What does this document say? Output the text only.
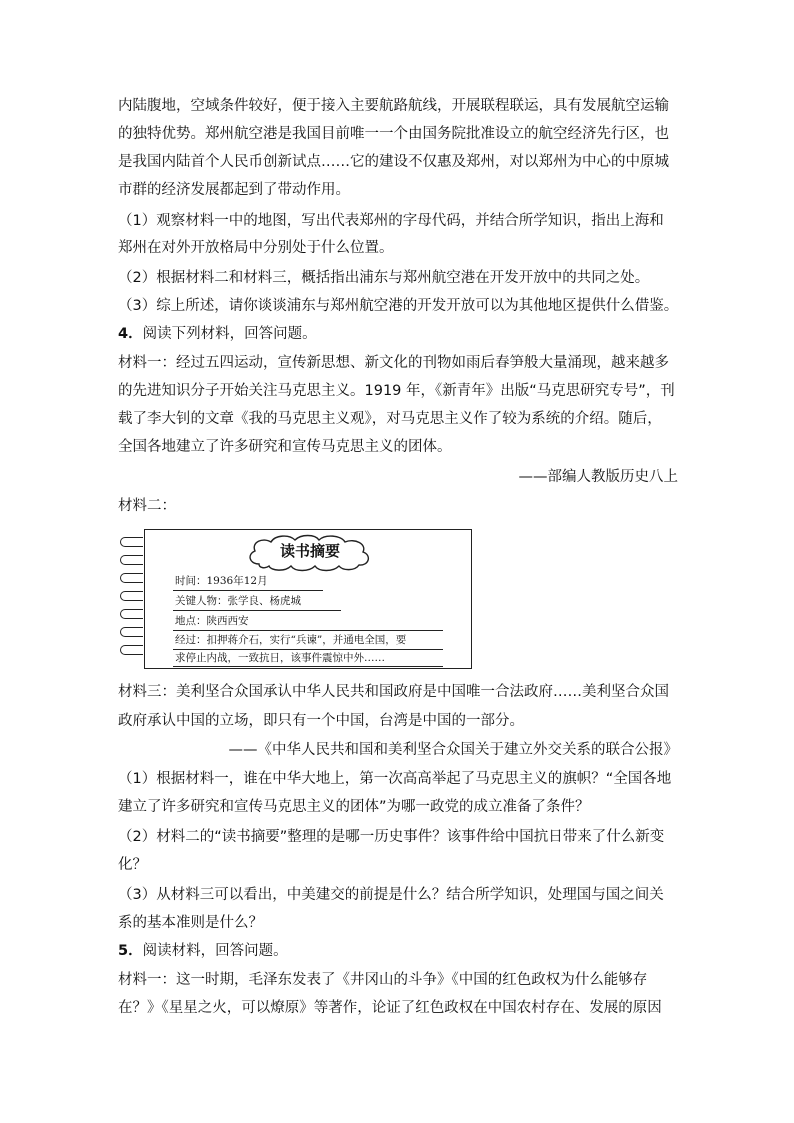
内陆腹地，空域条件较好，便于接入主要航路航线，开展联程联运，具有发展航空运输
的独特优势。郑州航空港是我国目前唯一一个由国务院批准设立的航空经济先行区，也
是我国内陆首个人民币创新试点……它的建设不仅惠及郑州，对以郑州为中心的中原城
市群的经济发展都起到了带动作用。
（1）观察材料一中的地图，写出代表郑州的字母代码，并结合所学知识，指出上海和
郑州在对外开放格局中分别处于什么位置。
（2）根据材料二和材料三，概括指出浦东与郑州航空港在开发开放中的共同之处。
（3）综上所述，请你谈谈浦东与郑州航空港的开发开放可以为其他地区提供什么借鉴。
4．阅读下列材料，回答问题。
材料一：经过五四运动，宣传新思想、新文化的刊物如雨后春笋般大量涌现，越来越多
的先进知识分子开始关注马克思主义。1919 年，《新青年》出版“马克思研究专号”，刊
载了李大钊的文章《我的马克思主义观》，对马克思主义作了较为系统的介绍。随后，
全国各地建立了许多研究和宣传马克思主义的团体。
——部编人教版历史八上
材料二：
读书摘要
时间：1936年12月
关键人物：张学良、杨虎城
地点：陕西西安
经过：扣押蒋介石，实行“兵谏”，并通电全国，要
求停止内战，一致抗日，该事件震惊中外……
材料三：美利坚合众国承认中华人民共和国政府是中国唯一合法政府……美利坚合众国
政府承认中国的立场，即只有一个中国，台湾是中国的一部分。
——《中华人民共和国和美利坚合众国关于建立外交关系的联合公报》
（1）根据材料一，谁在中华大地上，第一次高高举起了马克思主义的旗帜？“全国各地
建立了许多研究和宣传马克思主义的团体”为哪一政党的成立准备了条件？
（2）材料二的“读书摘要”整理的是哪一历史事件？该事件给中国抗日带来了什么新变
化？
（3）从材料三可以看出，中美建交的前提是什么？结合所学知识，处理国与国之间关
系的基本准则是什么？
5．阅读材料，回答问题。
材料一：这一时期，毛泽东发表了《井冈山的斗争》《中国的红色政权为什么能够存
在？》《星星之火，可以燎原》等著作，论证了红色政权在中国农村存在、发展的原因
